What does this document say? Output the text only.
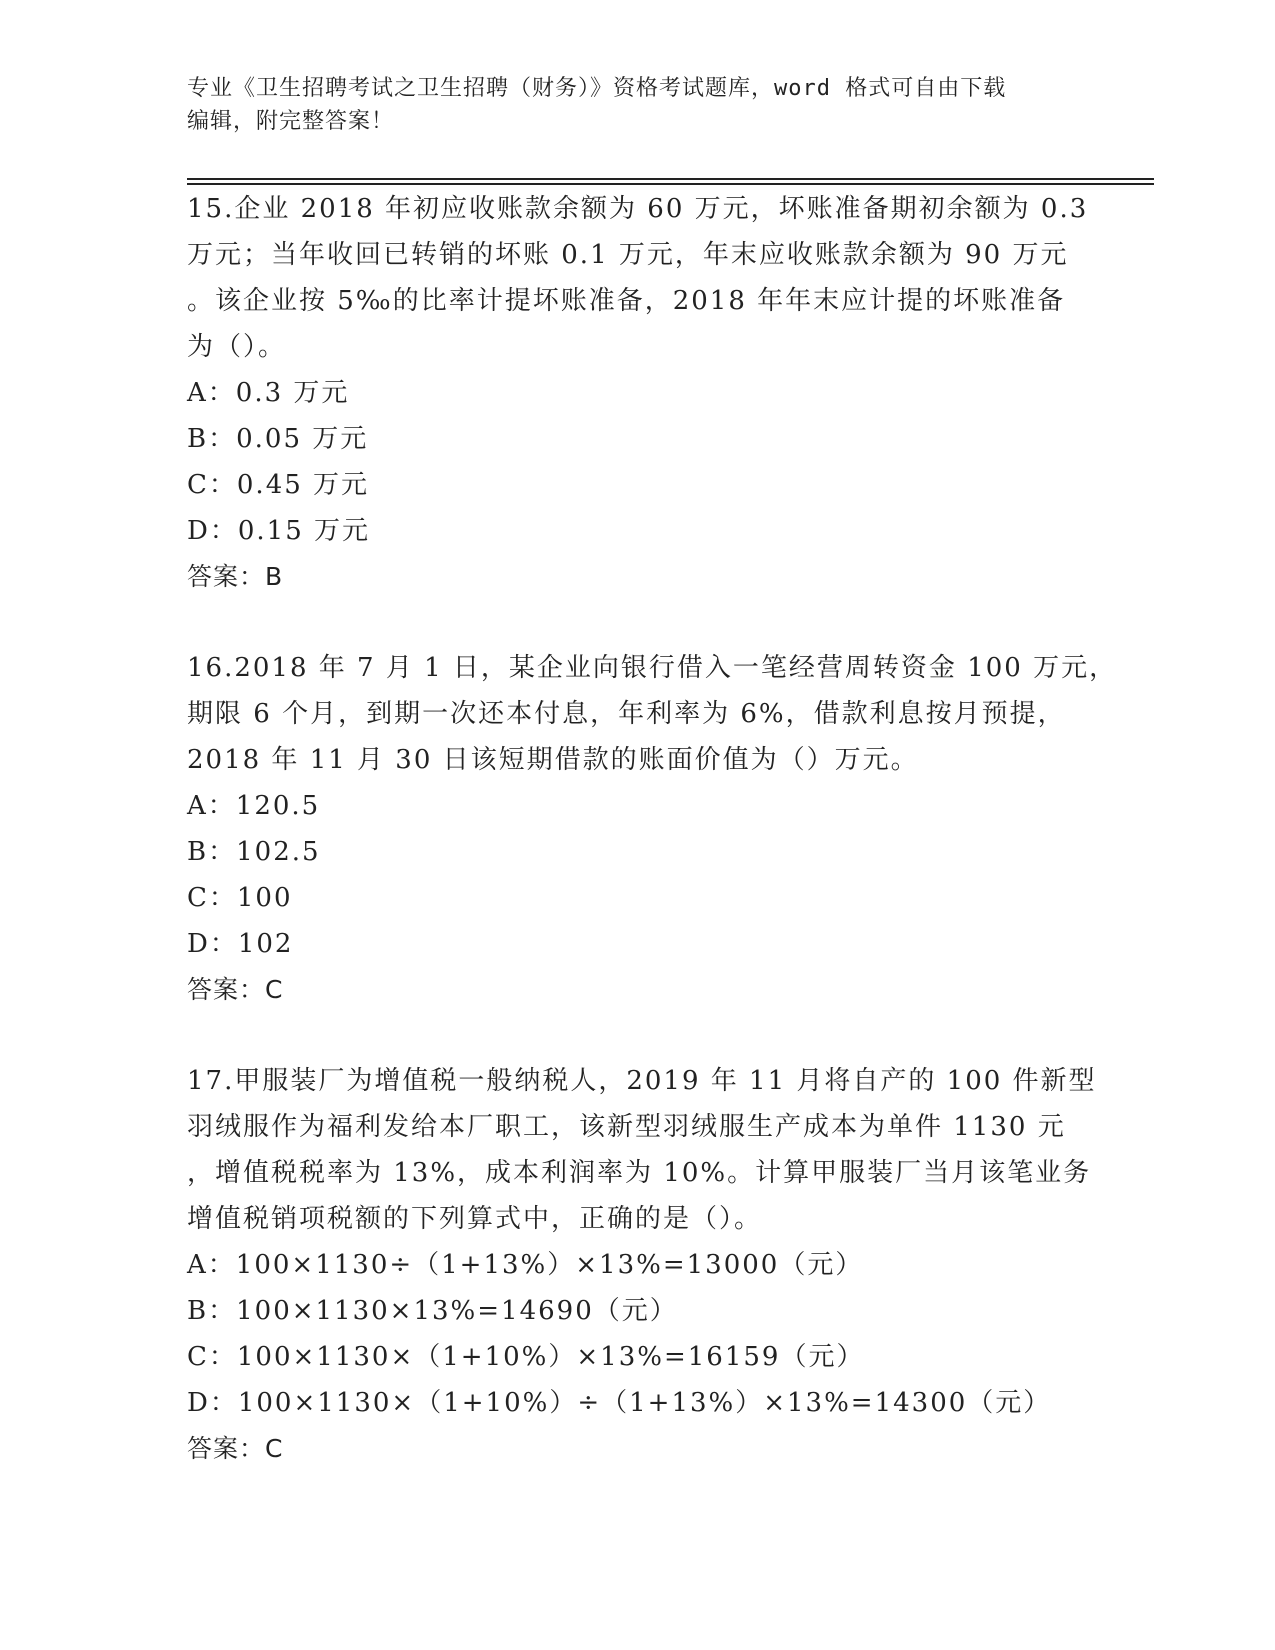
专业《卫生招聘考试之卫生招聘（财务）》资格考试题库，word 格式可自由下载
编辑，附完整答案！
15.企业 2018 年初应收账款余额为 60 万元，坏账准备期初余额为 0.3
万元；当年收回已转销的坏账 0.1 万元，年末应收账款余额为 90 万元
。该企业按 5‰的比率计提坏账准备，2018 年年末应计提的坏账准备
为（）。
A：0.3 万元
B：0.05 万元
C：0.45 万元
D：0.15 万元
答案：B
16.2018 年 7 月 1 日，某企业向银行借入一笔经营周转资金 100 万元，
期限 6 个月，到期一次还本付息，年利率为 6%，借款利息按月预提，
2018 年 11 月 30 日该短期借款的账面价值为（）万元。
A：120.5
B：102.5
C：100
D：102
答案：C
17.甲服装厂为增值税一般纳税人，2019 年 11 月将自产的 100 件新型
羽绒服作为福利发给本厂职工，该新型羽绒服生产成本为单件 1130 元
，增值税税率为 13%，成本利润率为 10%。计算甲服装厂当月该笔业务
增值税销项税额的下列算式中，正确的是（）。
A：100×1130÷（1+13%）×13%=13000（元）
B：100×1130×13%=14690（元）
C：100×1130×（1+10%）×13%=16159（元）
D：100×1130×（1+10%）÷（1+13%）×13%=14300（元）
答案：C
